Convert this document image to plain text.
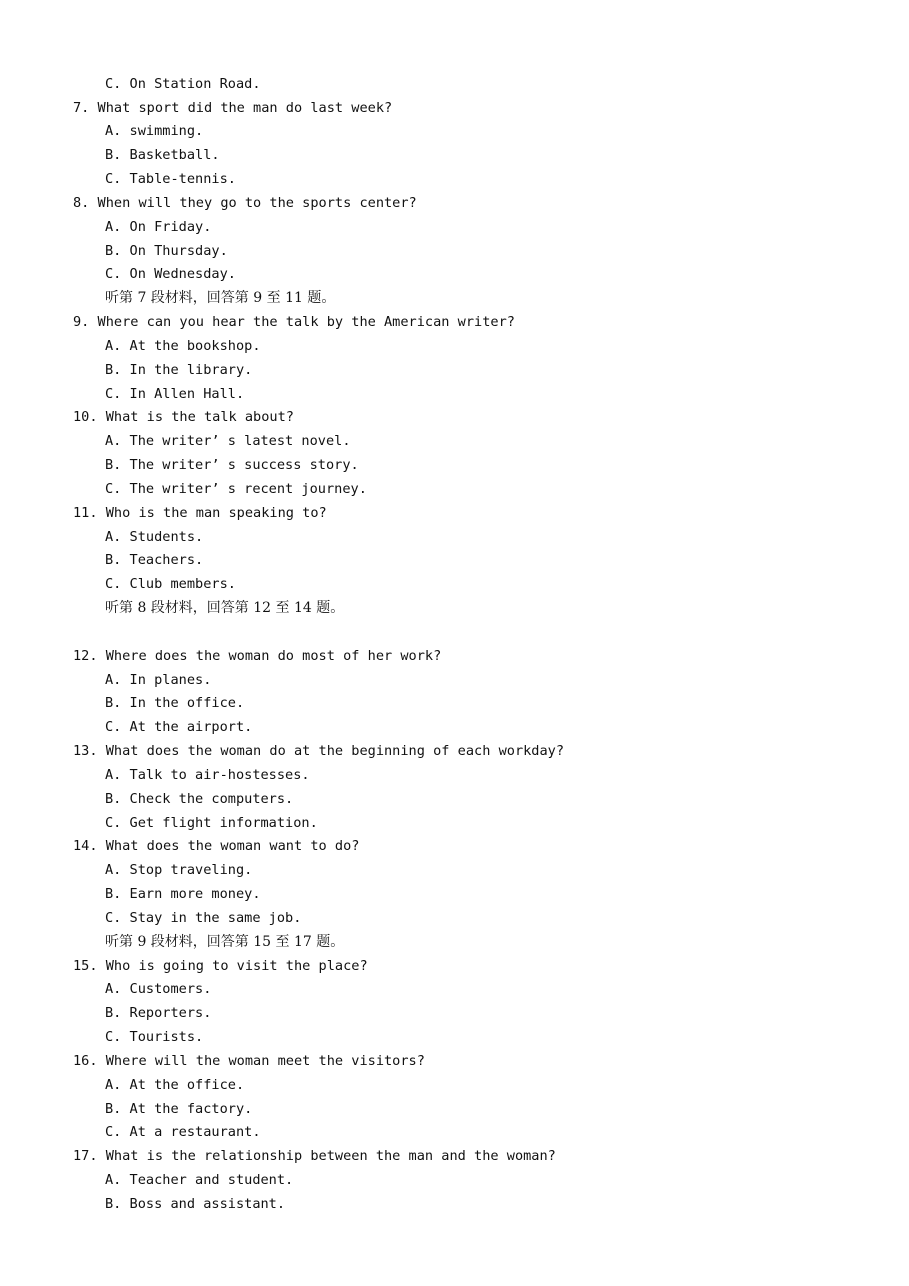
C. On Station Road.
7. What sport did the man do last week?
A. swimming.
B. Basketball.
C. Table-tennis.
8. When will they go to the sports center?
A. On Friday.
B. On Thursday.
C. On Wednesday.
听第 7 段材料，回答第 9 至 11 题。
9. Where can you hear the talk by the American writer?
A. At the bookshop.
B. In the library.
C. In Allen Hall.
10. What is the talk about?
A. The writer’ s latest novel.
B. The writer’ s success story.
C. The writer’ s recent journey.
11. Who is the man speaking to?
A. Students.
B. Teachers.
C. Club members.
听第 8 段材料，回答第 12 至 14 题。
12. Where does the woman do most of her work?
A. In planes.
B. In the office.
C. At the airport.
13. What does the woman do at the beginning of each workday?
A. Talk to air-hostesses.
B. Check the computers.
C. Get flight information.
14. What does the woman want to do?
A. Stop traveling.
B. Earn more money.
C. Stay in the same job.
听第 9 段材料，回答第 15 至 17 题。
15. Who is going to visit the place?
A. Customers.
B. Reporters.
C. Tourists.
16. Where will the woman meet the visitors?
A. At the office.
B. At the factory.
C. At a restaurant.
17. What is the relationship between the man and the woman?
A. Teacher and student.
B. Boss and assistant.
